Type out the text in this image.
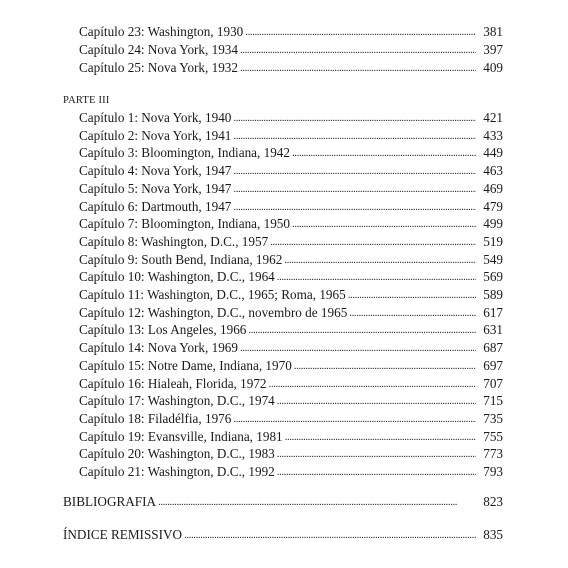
Capítulo 23: Washington, 1930 . . .	381
Capítulo 24: Nova York, 1934 . . .	397
Capítulo 25: Nova York, 1932 . . .	409
PARTE III
Capítulo 1: Nova York, 1940 . . .	421
Capítulo 2: Nova York, 1941 . . .	433
Capítulo 3: Bloomington, Indiana, 1942 . . .	449
Capítulo 4: Nova York, 1947 . . .	463
Capítulo 5: Nova York, 1947 . . .	469
Capítulo 6: Dartmouth, 1947 . . .	479
Capítulo 7: Bloomington, Indiana, 1950 . . .	499
Capítulo 8: Washington, D.C., 1957 . . .	519
Capítulo 9: South Bend, Indiana, 1962 . . .	549
Capítulo 10: Washington, D.C., 1964 . . .	569
Capítulo 11: Washington, D.C., 1965; Roma, 1965 . . .	589
Capítulo 12: Washington, D.C., novembro de 1965 . . .	617
Capítulo 13: Los Angeles, 1966 . . .	631
Capítulo 14: Nova York, 1969 . . .	687
Capítulo 15: Notre Dame, Indiana, 1970 . . .	697
Capítulo 16: Hialeah, Florida, 1972 . . .	707
Capítulo 17: Washington, D.C., 1974 . . .	715
Capítulo 18: Filadélfia, 1976 . . .	735
Capítulo 19: Evansville, Indiana, 1981 . . .	755
Capítulo 20: Washington, D.C., 1983 . . .	773
Capítulo 21: Washington, D.C., 1992 . . .	793
BIBLIOGRAFIA . . .	823
ÍNDICE REMISSIVO . . .	835
